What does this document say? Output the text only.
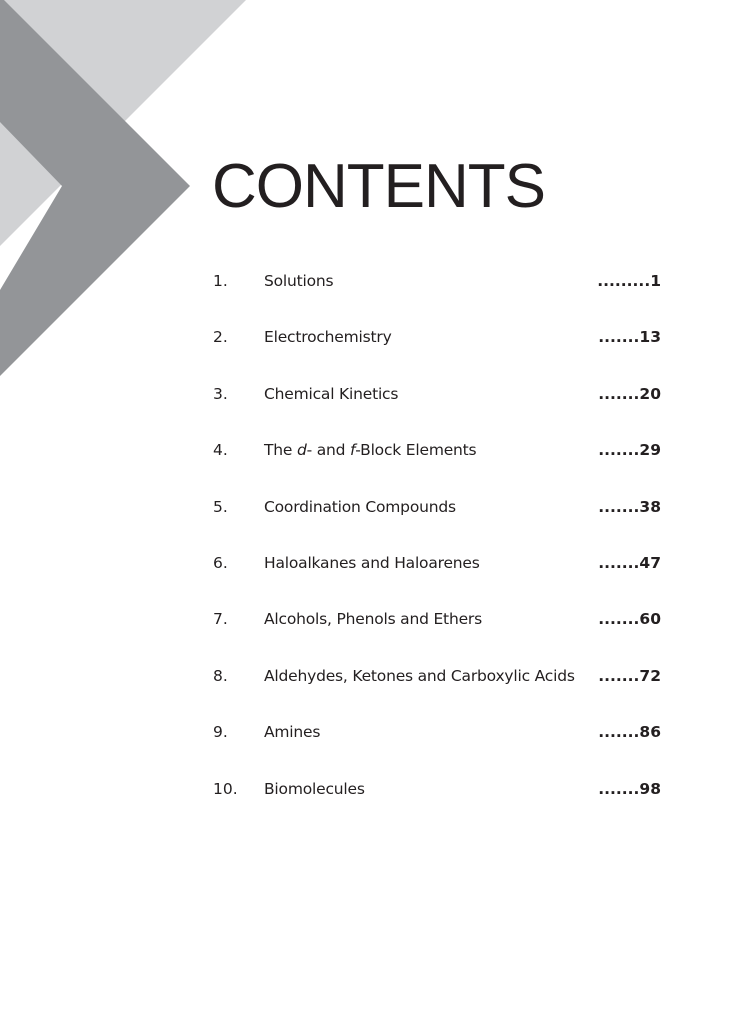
CONTENTS
1. Solutions	.........1
2. Electrochemistry	.......13
3. Chemical Kinetics	.......20
4. The d- and f-Block Elements	.......29
5. Coordination Compounds	.......38
6. Haloalkanes and Haloarenes	.......47
7. Alcohols, Phenols and Ethers	.......60
8. Aldehydes, Ketones and Carboxylic Acids .......72
9. Amines	.......86
10. Biomolecules	.......98
